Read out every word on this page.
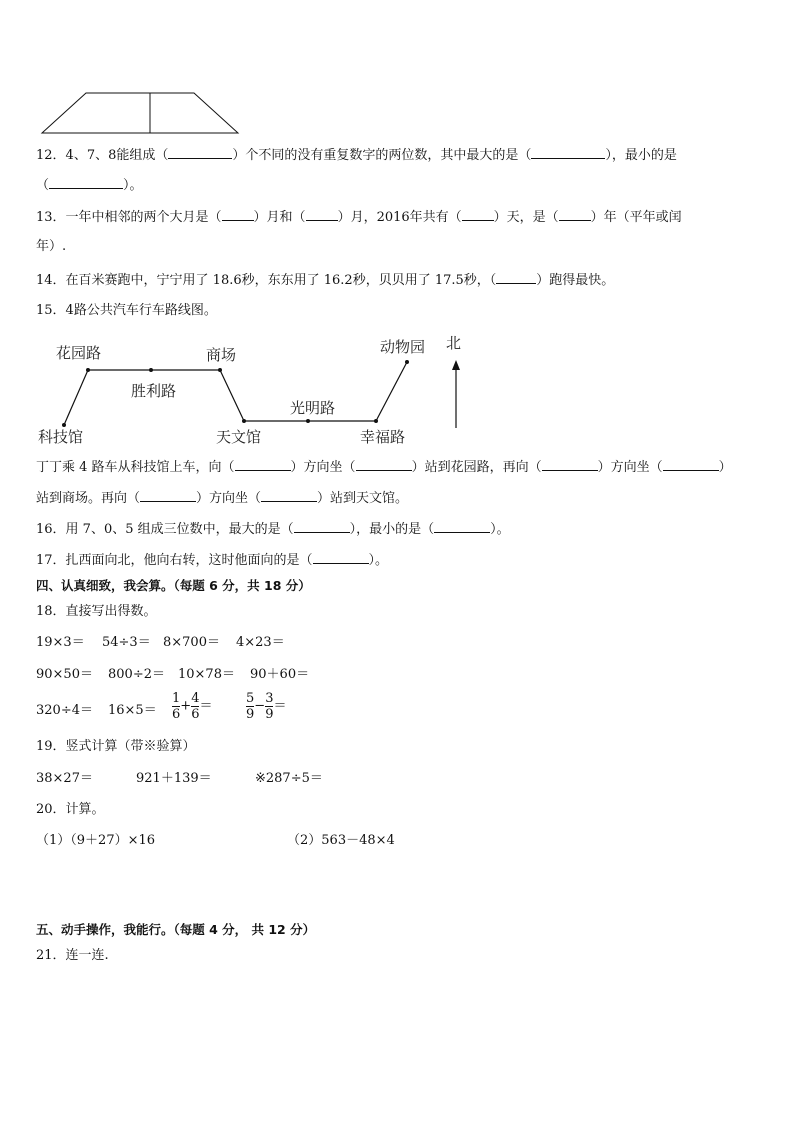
12．4、7、8能组成（	）个不同的没有重复数字的两位数，其中最大的是（	），最小的是
（	）。
13．一年中相邻的两个大月是（ ）月和（ ）月，2016年共有（ ）天，是（ ）年（平年或闰
年）.
14．在百米赛跑中，宁宁用了 18.6秒，东东用了 16.2秒，贝贝用了 17.5秒，（	）跑得最快。
15．4路公共汽车行车路线图。
科技馆
花园路
胜利路
商场
天文馆
光明路
幸福路
动物园 北
丁丁乘 4 路车从科技馆上车，向（	）方向坐（	）站到花园路，再向（	）方向坐（	）
站到商场。再向（	）方向坐（	）站到天文馆。
16．用 7、0、5 组成三位数中，最大的是（	），最小的是（	）。
17．扎西面向北，他向右转，这时他面向的是（	）。
四、认真细致，我会算。（每题 6 分，共 18 分）
18．直接写出得数。
19×3＝ 54÷3＝ 8×700＝ 4×23＝
90×50＝ 800÷2＝ 10×78＝ 90＋60＝
$320\div 4= 16\times 5= \frac{1}{6} + \frac{4}{6}$ ＝	$\frac{5}{9} - \frac{3}{9}$ ＝
19．竖式计算（带※验算）
38×27＝	921＋139＝	※287÷5＝
20．计算。
（1）（9＋27）×16	（2）563－48×4
五、动手操作，我能行。（每题 4 分， 共 12 分）
21．连一连.
